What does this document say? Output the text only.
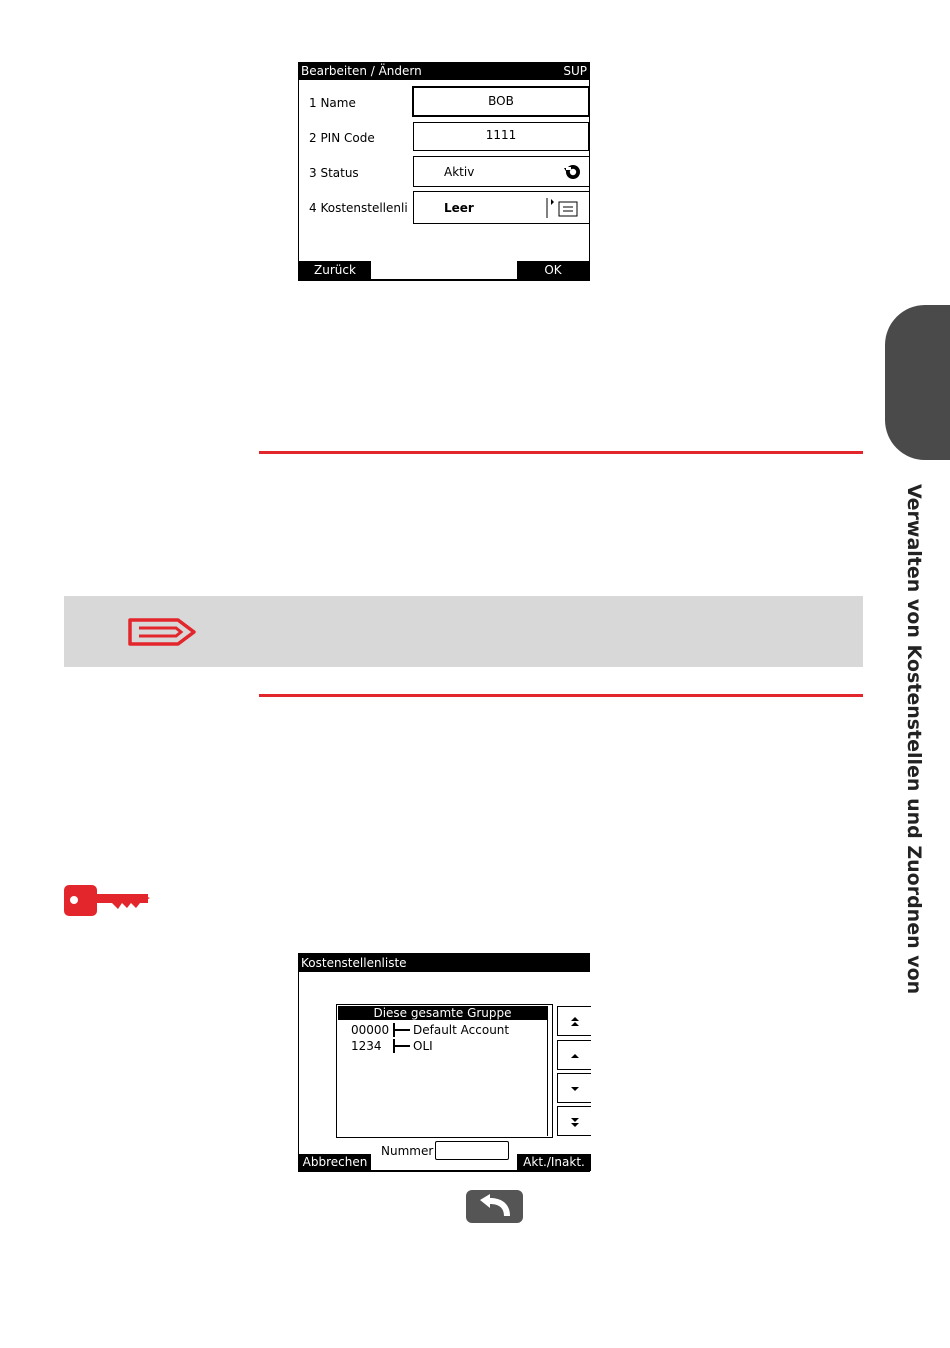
Bearbeiten / Ändern	SUP
1 Name	BOB
2 PIN Code	1111
3 Status	Aktiv
4 Kostenstellenli	Leer
Zurück	OK
Verwalten von Kostenstellen und Zuordnen von
Kostenstellenliste
Diese gesamte Gruppe
00000 Default Account
1234	OLI
Nummer
Abbrechen	Akt./Inakt.
